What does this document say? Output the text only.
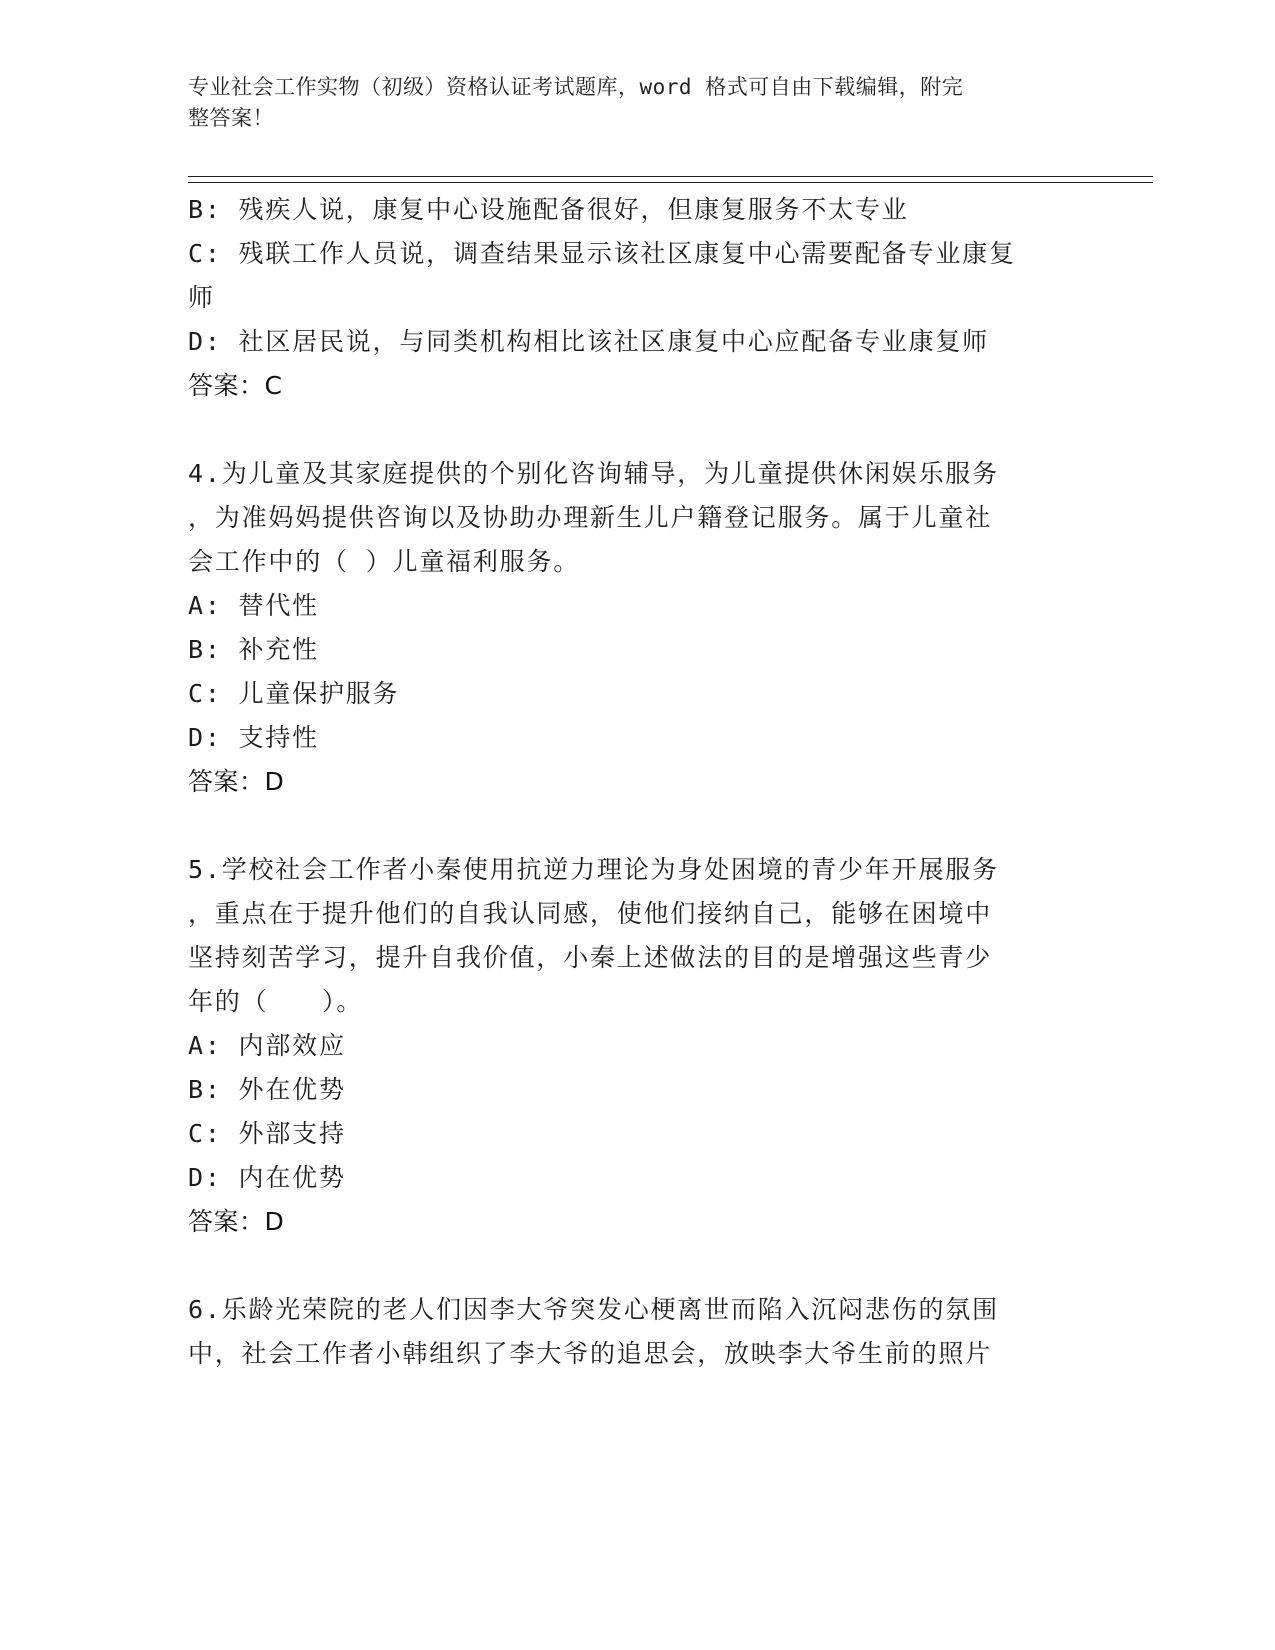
专业社会工作实物（初级）资格认证考试题库，word 格式可自由下载编辑，附完
整答案！
B: 残疾人说，康复中心设施配备很好，但康复服务不太专业
C: 残联工作人员说，调查结果显示该社区康复中心需要配备专业康复
师
D: 社区居民说，与同类机构相比该社区康复中心应配备专业康复师
答案：C
4.为儿童及其家庭提供的个别化咨询辅导，为儿童提供休闲娱乐服务
，为准妈妈提供咨询以及协助办理新生儿户籍登记服务。属于儿童社
会工作中的（ ）儿童福利服务。
A: 替代性
B: 补充性
C: 儿童保护服务
D: 支持性
答案：D
5.学校社会工作者小秦使用抗逆力理论为身处困境的青少年开展服务
，重点在于提升他们的自我认同感，使他们接纳自己，能够在困境中
坚持刻苦学习，提升自我价值，小秦上述做法的目的是增强这些青少
年的（　　）。
A: 内部效应
B: 外在优势
C: 外部支持
D: 内在优势
答案：D
6.乐龄光荣院的老人们因李大爷突发心梗离世而陷入沉闷悲伤的氛围
中，社会工作者小韩组织了李大爷的追思会，放映李大爷生前的照片
